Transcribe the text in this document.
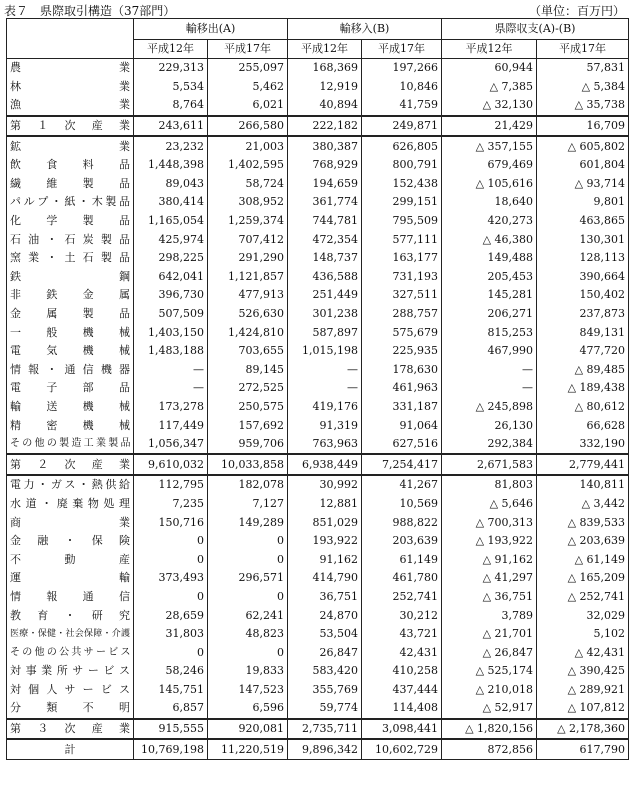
表７　県際取引構造（37部門）	（単位：百万円）
	輸移出(A)		輸移入(B)		県際収支(A)-(B)	
	平成12年	平成17年	平成12年	平成17年	平成12年	平成17年
農業	229,313	255,097	168,369	197,266	60,944	57,831
林業	5,534	5,462	12,919	10,846	△ 7,385	△ 5,384
漁業	8,764	6,021	40,894	41,759	△ 32,130	△ 35,738
第１次産業	243,611	266,580	222,182	249,871	21,429	16,709
鉱業	23,232	21,003	380,387	626,805	△ 357,155	△ 605,802
飲食料品	1,448,398	1,402,595	768,929	800,791	679,469	601,804
繊維製品	89,043	58,724	194,659	152,438	△ 105,616	△ 93,714
パルプ・紙・木製品	380,414	308,952	361,774	299,151	18,640	9,801
化学製品	1,165,054	1,259,374	744,781	795,509	420,273	463,865
石油・石炭製品	425,974	707,412	472,354	577,111	△ 46,380	130,301
窯業・土石製品	298,225	291,290	148,737	163,177	149,488	128,113
鉄鋼	642,041	1,121,857	436,588	731,193	205,453	390,664
非鉄金属	396,730	477,913	251,449	327,511	145,281	150,402
金属製品	507,509	526,630	301,238	288,757	206,271	237,873
一般機械	1,403,150	1,424,810	587,897	575,679	815,253	849,131
電気機械	1,483,188	703,655	1,015,198	225,935	467,990	477,720
情報・通信機器	—	89,145	—	178,630	—	△ 89,485
電子部品	—	272,525	—	461,963	—	△ 189,438
輸送機械	173,278	250,575	419,176	331,187	△ 245,898	△ 80,612
精密機械	117,449	157,692	91,319	91,064	26,130	66,628
その他の製造工業製品	1,056,347	959,706	763,963	627,516	292,384	332,190
第２次産業	9,610,032	10,033,858	6,938,449	7,254,417	2,671,583	2,779,441
電力・ガス・熱供給	112,795	182,078	30,992	41,267	81,803	140,811
水道・廃棄物処理	7,235	7,127	12,881	10,569	△ 5,646	△ 3,442
商業	150,716	149,289	851,029	988,822	△ 700,313	△ 839,533
金融・保険	0	0	193,922	203,639	△ 193,922	△ 203,639
不動産	0	0	91,162	61,149	△ 91,162	△ 61,149
運輸	373,493	296,571	414,790	461,780	△ 41,297	△ 165,209
情報通信	0	0	36,751	252,741	△ 36,751	△ 252,741
教育・研究	28,659	62,241	24,870	30,212	3,789	32,029
医療・保健・社会保障・介護	31,803	48,823	53,504	43,721	△ 21,701	5,102
その他の公共サービス	0	0	26,847	42,431	△ 26,847	△ 42,431
対事業所サービス	58,246	19,833	583,420	410,258	△ 525,174	△ 390,425
対個人サービス	145,751	147,523	355,769	437,444	△ 210,018	△ 289,921
分類不明	6,857	6,596	59,774	114,408	△ 52,917	△ 107,812
第３次産業	915,555	920,081	2,735,711	3,098,441	△ 1,820,156	△ 2,178,360
計	10,769,198	11,220,519	9,896,342	10,602,729	872,856	617,790
